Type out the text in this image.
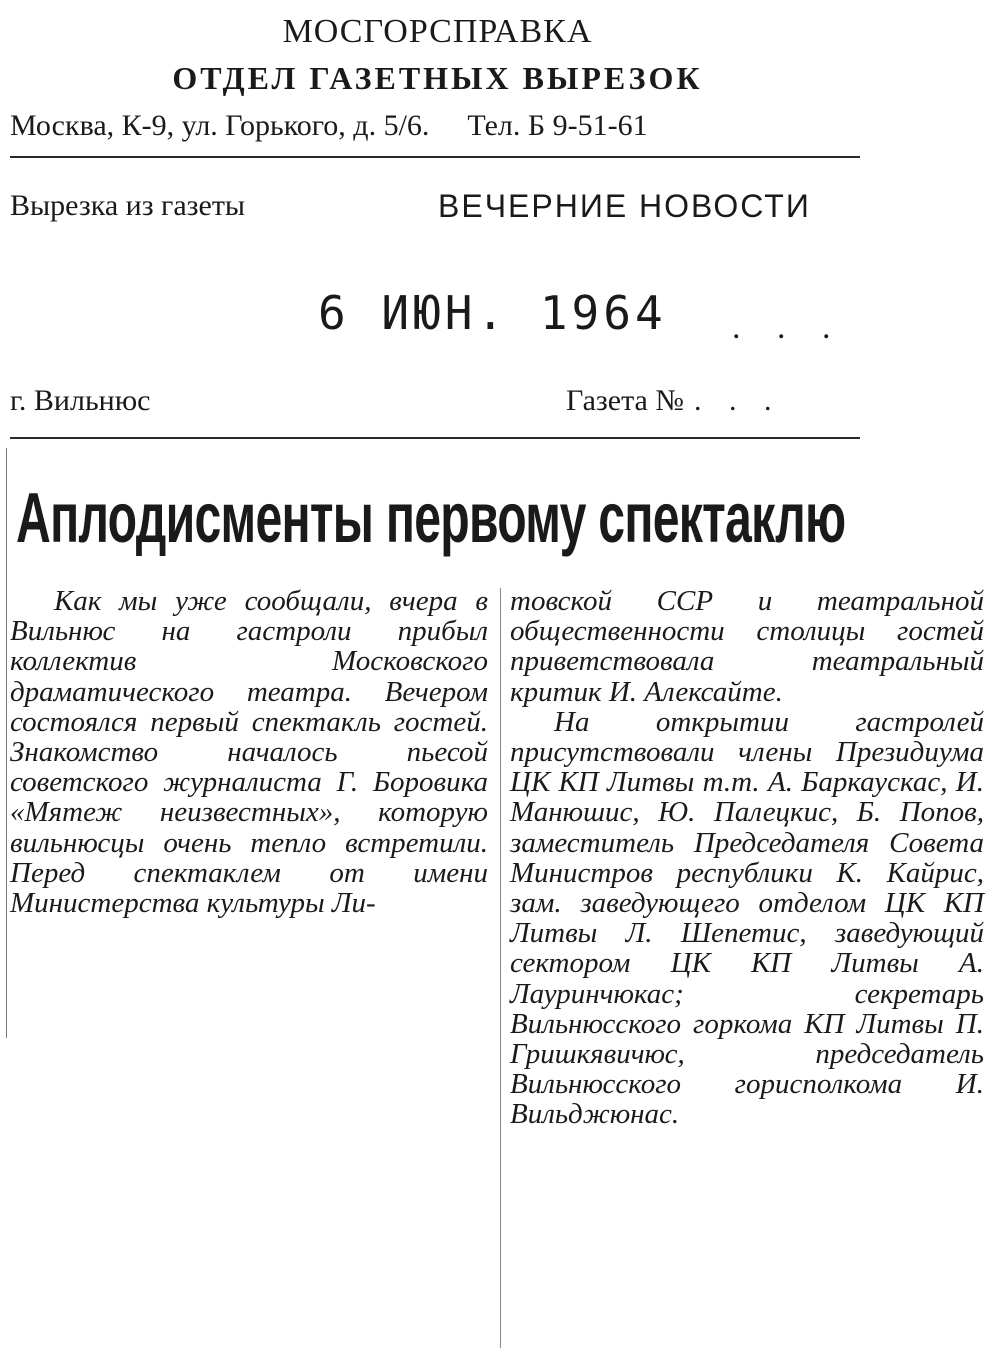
МОСГОРСПРАВКА
ОТДЕЛ ГАЗЕТНЫХ ВЫРЕЗОК
Москва, К-9, ул. Горького, д. 5/6. Тел. Б 9-51-61
Вырезка из газеты	ВЕЧЕРНИЕ НОВОСТИ
6 ИЮН. 1964 . . .
г. Вильнюс	Газета № . . .
Аплодисменты первому спектаклю

Как мы уже сообщали, вчера в Вильнюс на гастроли прибыл коллектив Московского драматического театра. Вечером состоялся первый спектакль гостей. Знакомство началось пьесой советского журналиста Г. Боровика «Мятеж неизвестных», которую вильнюсцы очень тепло встретили. Перед спектаклем от имени Министерства культуры Ли-

товской ССР и театральной общественности столицы гостей приветствовала театральный критик И. Алексайте.

На открытии гастролей присутствовали члены Президиума ЦК КП Литвы т.т. А. Баркаускас, И. Манюшис, Ю. Палецкис, Б. Попов, заместитель Председателя Совета Министров республики К. Кайрис, зам. заведующего отделом ЦК КП Литвы Л. Шепетис, заведующий сектором ЦК КП Литвы А. Лауринчюкас; секретарь Вильнюсского горкома КП Литвы П. Гришкявичюс, председатель Вильнюсского горисполкома И. Вильджюнас.
